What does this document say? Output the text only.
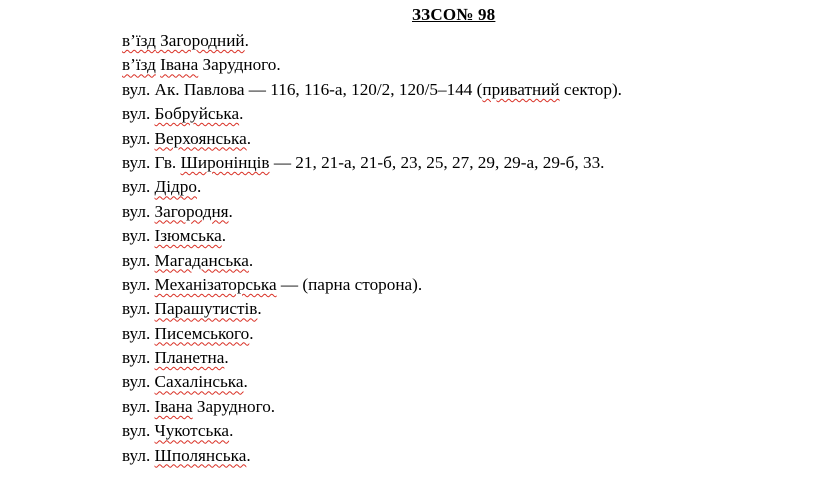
ЗЗСО№ 98
в’їзд Загородний.
в’їзд Івана Зарудного.
вул. Ак. Павлова — 116, 116-а, 120/2, 120/5–144 (приватний сектор).
вул. Бобруйська.
вул. Верхоянська.
вул. Гв. Широнінців — 21, 21-а, 21-б, 23, 25, 27, 29, 29-а, 29-б, 33.
вул. Дідро.
вул. Загородня.
вул. Ізюмська.
вул. Магаданська.
вул. Механізаторська — (парна сторона).
вул. Парашутистів.
вул. Писемського.
вул. Планетна.
вул. Сахалінська.
вул. Івана Зарудного.
вул. Чукотська.
вул. Шполянська.
